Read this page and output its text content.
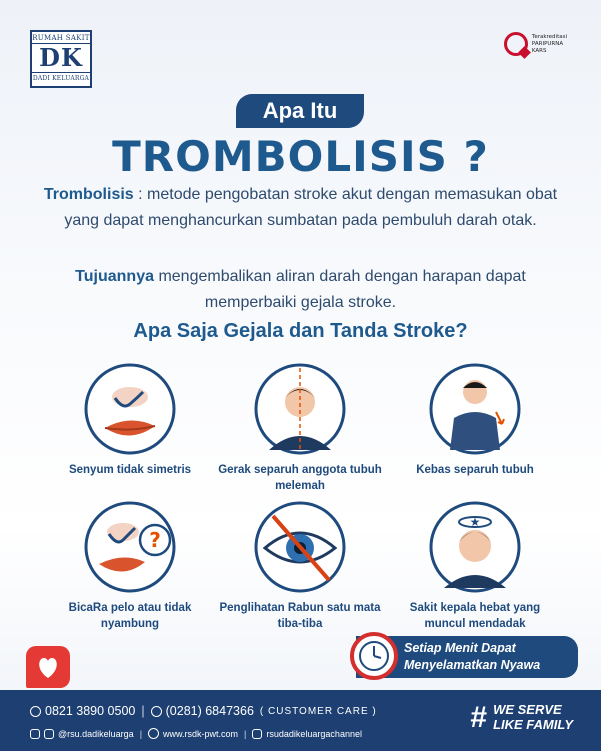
RUMAH SAKIT
DK
DADI KELUARGA
Terakreditasi
PARIPURNA
KARS
Apa Itu
TROMBOLISIS ?
Trombolisis : metode pengobatan stroke akut dengan memasukan obat yang dapat menghancurkan sumbatan pada pembuluh darah otak.
Tujuannya mengembalikan aliran darah dengan harapan dapat memperbaiki gejala stroke.
Apa Saja Gejala dan Tanda Stroke?
Senyum tidak simetris	Gerak separuh anggota tubuh melemah
Kebas separuh tubuh
?
BicaRa pelo atau tidak nyambung
Penglihatan Rabun satu mata tiba-tiba
★
Sakit kepala hebat yang muncul mendadak
Setiap Menit Dapat
Menyelamatkan Nyawa
0821 3890 0500 | (0281) 6847366 ( CUSTOMER CARE )
@rsu.dadikeluarga | www.rsdk-pwt.com | rsudadikeluargachannel	# WE SERVE
LIKE FAMILY
